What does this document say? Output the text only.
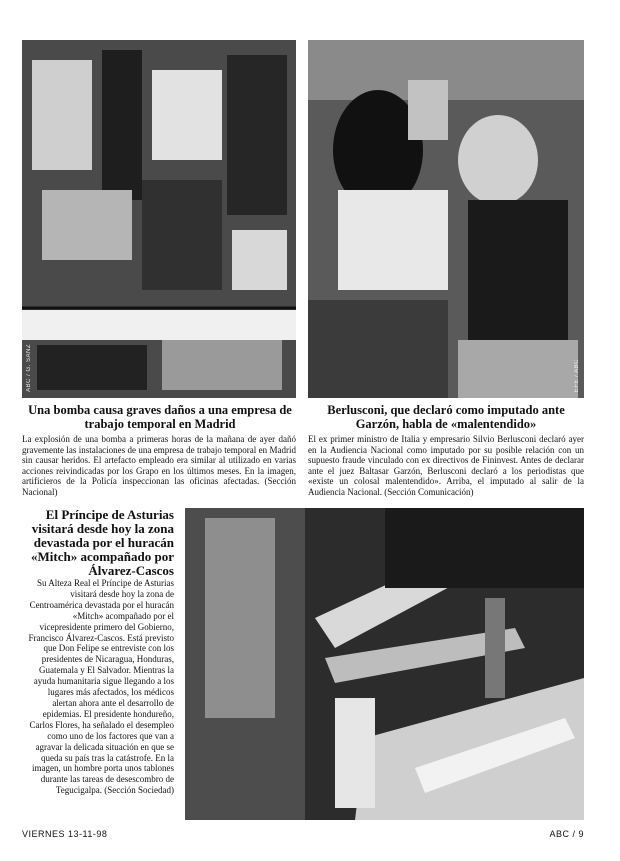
ABC / G. SANZ	EFE / ABC
Una bomba causa graves daños a una empresa de trabajo temporal en Madrid

La explosión de una bomba a primeras horas de la mañana de ayer dañó gravemente las instalaciones de una empresa de trabajo temporal en Madrid sin causar heridos. El artefacto empleado era similar al utilizado en varias acciones reivindicadas por los Grapo en los últimos meses. En la imagen, artificieros de la Policía inspeccionan las oficinas afectadas. (Sección Nacional)

Berlusconi, que declaró como imputado ante Garzón, habla de «malentendido»

El ex primer ministro de Italia y empresario Silvio Berlusconi declaró ayer en la Audiencia Nacional como imputado por su posible relación con un supuesto fraude vinculado con ex directivos de Fininvest. Antes de declarar ante el juez Baltasar Garzón, Berlusconi declaró a los periodistas que «existe un colosal malentendido». Arriba, el imputado al salir de la Audiencia Nacional. (Sección Comunicación)

El Príncipe de Asturias visitará desde hoy la zona devastada por el huracán «Mitch» acompañado por Álvarez-Cascos

Su Alteza Real el Príncipe de Asturias visitará desde hoy la zona de Centroamérica devastada por el huracán «Mitch» acompañado por el vicepresidente primero del Gobierno, Francisco Álvarez-Cascos. Está previsto que Don Felipe se entreviste con los presidentes de Nicaragua, Honduras, Guatemala y El Salvador. Mientras la ayuda humanitaria sigue llegando a los lugares más afectados, los médicos alertan ahora ante el desarrollo de epidemias. El presidente hondureño, Carlos Flores, ha señalado el desempleo como uno de los factores que van a agravar la delicada situación en que se queda su país tras la catástrofe. En la imagen, un hombre porta unos tablones durante las tareas de desescombro de Tegucigalpa. (Sección Sociedad)

VIERNES 13-11-98	ABC / 9
